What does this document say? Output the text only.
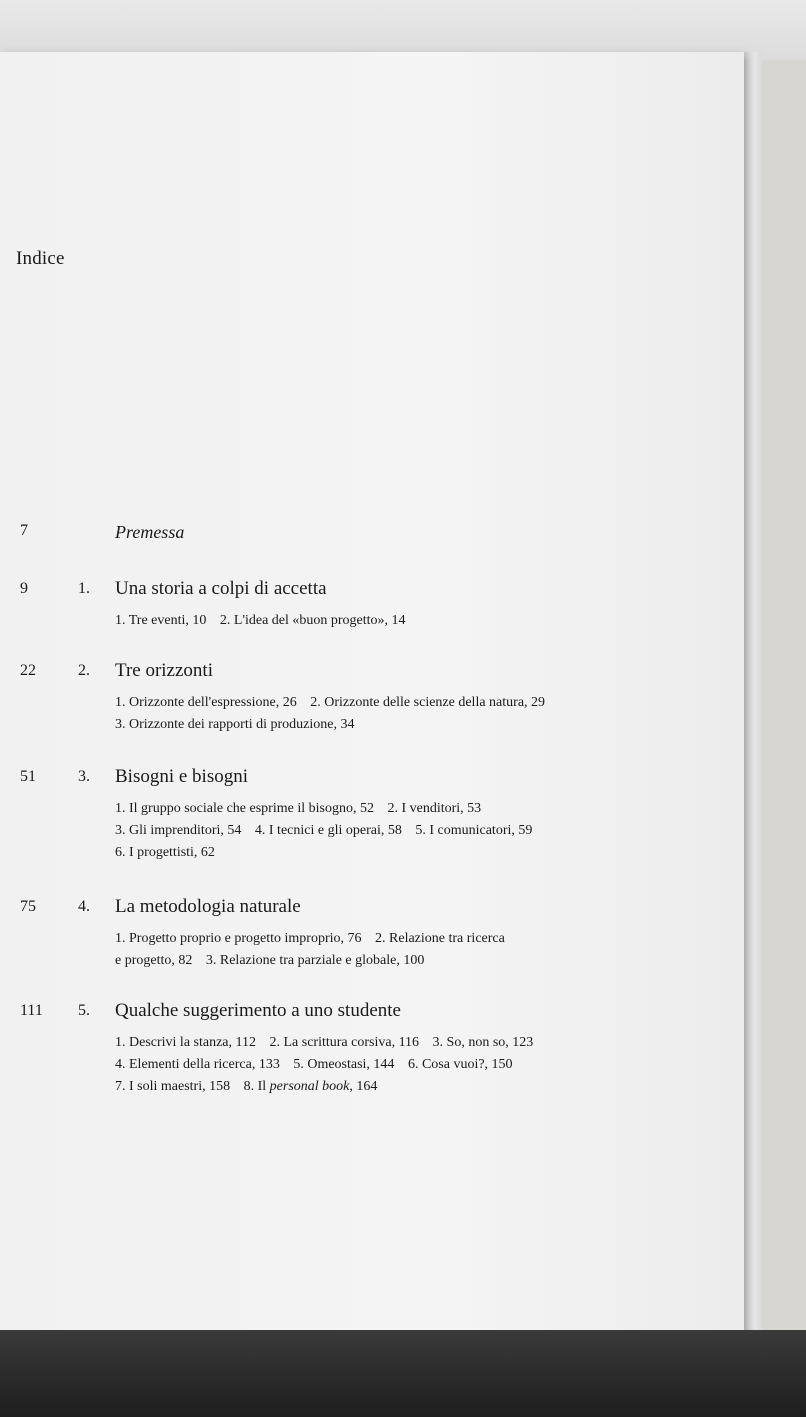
Indice
7	Premessa
9	1. Una storia a colpi di accetta
1. Tre eventi, 10 2. L'idea del «buon progetto», 14
22	2. Tre orizzonti
1. Orizzonte dell'espressione, 26 2. Orizzonte delle scienze della natura, 29
3. Orizzonte dei rapporti di produzione, 34
51	3. Bisogni e bisogni
1. Il gruppo sociale che esprime il bisogno, 52 2. I venditori, 53
3. Gli imprenditori, 54 4. I tecnici e gli operai, 58 5. I comunicatori, 59
6. I progettisti, 62
75	4. La metodologia naturale
1. Progetto proprio e progetto improprio, 76 2. Relazione tra ricerca
e progetto, 82 3. Relazione tra parziale e globale, 100
111 5. Qualche suggerimento a uno studente
1. Descrivi la stanza, 112 2. La scrittura corsiva, 116 3. So, non so, 123
4. Elementi della ricerca, 133 5. Omeostasi, 144 6. Cosa vuoi?, 150
7. I soli maestri, 158 8. Il personal book, 164
